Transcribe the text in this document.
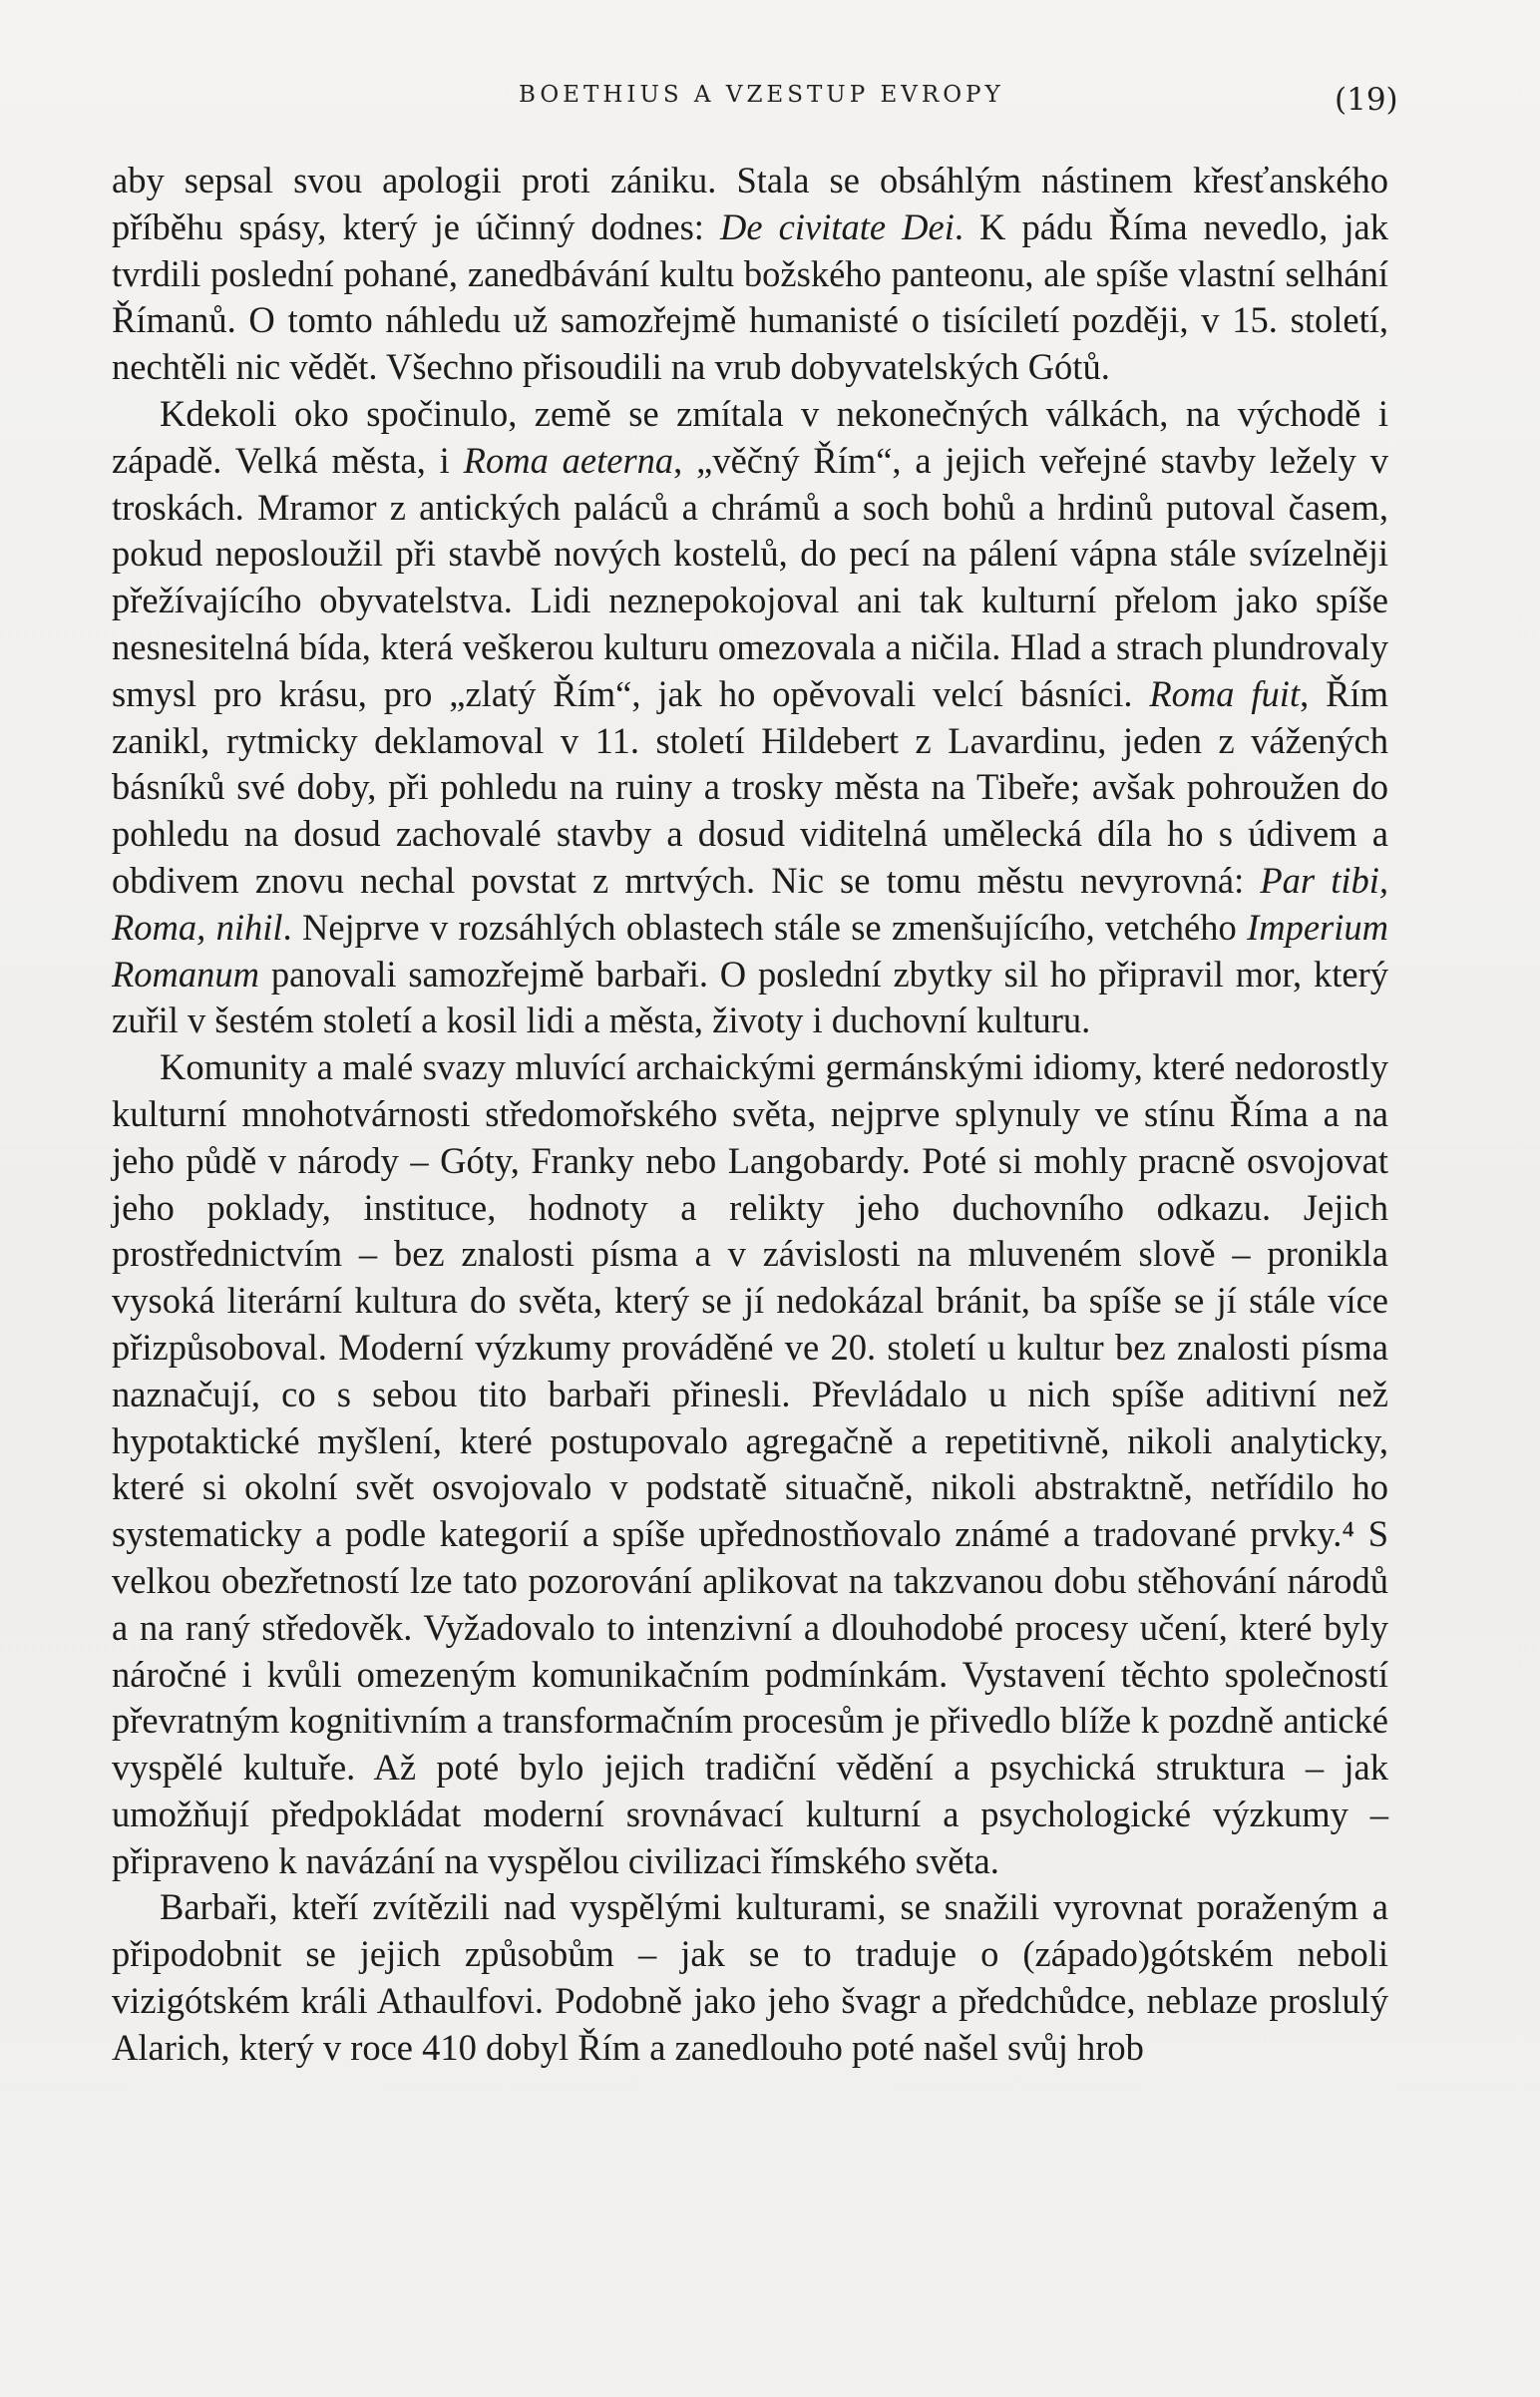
BOETHIUS A VZESTUP EVROPY	(19)

aby sepsal svou apologii proti zániku. Stala se obsáhlým nástinem křesťanského příběhu spásy, který je účinný dodnes: De civitate Dei. K pádu Říma nevedlo, jak tvrdili poslední pohané, zanedbávání kultu božského panteonu, ale spíše vlastní selhání Římanů. O tomto náhledu už samozřejmě humanisté o tisíciletí později, v 15. století, nechtěli nic vědět. Všechno přisoudili na vrub dobyvatelských Gótů.

Kdekoli oko spočinulo, země se zmítala v nekonečných válkách, na východě i západě. Velká města, i Roma aeterna, „věčný Řím“, a jejich veřejné stavby ležely v troskách. Mramor z antických paláců a chrámů a soch bohů a hrdinů putoval časem, pokud neposloužil při stavbě nových kostelů, do pecí na pálení vápna stále svízelněji přežívajícího obyvatelstva. Lidi neznepokojoval ani tak kulturní přelom jako spíše nesnesitelná bída, která veškerou kulturu omezovala a ničila. Hlad a strach plundrovaly smysl pro krásu, pro „zlatý Řím“, jak ho opěvovali velcí básníci. Roma fuit, Řím zanikl, rytmicky deklamoval v 11. století Hildebert z Lavardinu, jeden z vážených básníků své doby, při pohledu na ruiny a trosky města na Tibeře; avšak pohroužen do pohledu na dosud zachovalé stavby a dosud viditelná umělecká díla ho s údivem a obdivem znovu nechal povstat z mrtvých. Nic se tomu městu nevyrovná: Par tibi, Roma, nihil. Nejprve v rozsáhlých oblastech stále se zmenšujícího, vetchého Imperium Romanum panovali samozřejmě barbaři. O poslední zbytky sil ho připravil mor, který zuřil v šestém století a kosil lidi a města, životy i duchovní kulturu.

Komunity a malé svazy mluvící archaickými germánskými idiomy, které nedorostly kulturní mnohotvárnosti středomořského světa, nejprve splynuly ve stínu Říma a na jeho půdě v národy – Góty, Franky nebo Langobardy. Poté si mohly pracně osvojovat jeho poklady, instituce, hodnoty a relikty jeho duchovního odkazu. Jejich prostřednictvím – bez znalosti písma a v závislosti na mluveném slově – pronikla vysoká literární kultura do světa, který se jí nedokázal bránit, ba spíše se jí stále více přizpůsoboval. Moderní výzkumy prováděné ve 20. století u kultur bez znalosti písma naznačují, co s sebou tito barbaři přinesli. Převládalo u nich spíše aditivní než hypotaktické myšlení, které postupovalo agregačně a repetitivně, nikoli analyticky, které si okolní svět osvojovalo v podstatě situačně, nikoli abstraktně, netřídilo ho systematicky a podle kategorií a spíše upřednostňovalo známé a tradované prvky.⁴ S velkou obezřetností lze tato pozorování aplikovat na takzvanou dobu stěhování národů a na raný středověk. Vyžadovalo to intenzivní a dlouhodobé procesy učení, které byly náročné i kvůli omezeným komunikačním podmínkám. Vystavení těchto společností převratným kognitivním a transformačním procesům je přivedlo blíže k pozdně antické vyspělé kultuře. Až poté bylo jejich tradiční vědění a psychická struktura – jak umožňují předpokládat moderní srovnávací kulturní a psychologické výzkumy – připraveno k navázání na vyspělou civilizaci římského světa.

Barbaři, kteří zvítězili nad vyspělými kulturami, se snažili vyrovnat poraženým a připodobnit se jejich způsobům – jak se to traduje o (západo)gótském neboli vizigótském králi Athaulfovi. Podobně jako jeho švagr a předchůdce, neblaze proslulý Alarich, který v roce 410 dobyl Řím a zanedlouho poté našel svůj hrob
